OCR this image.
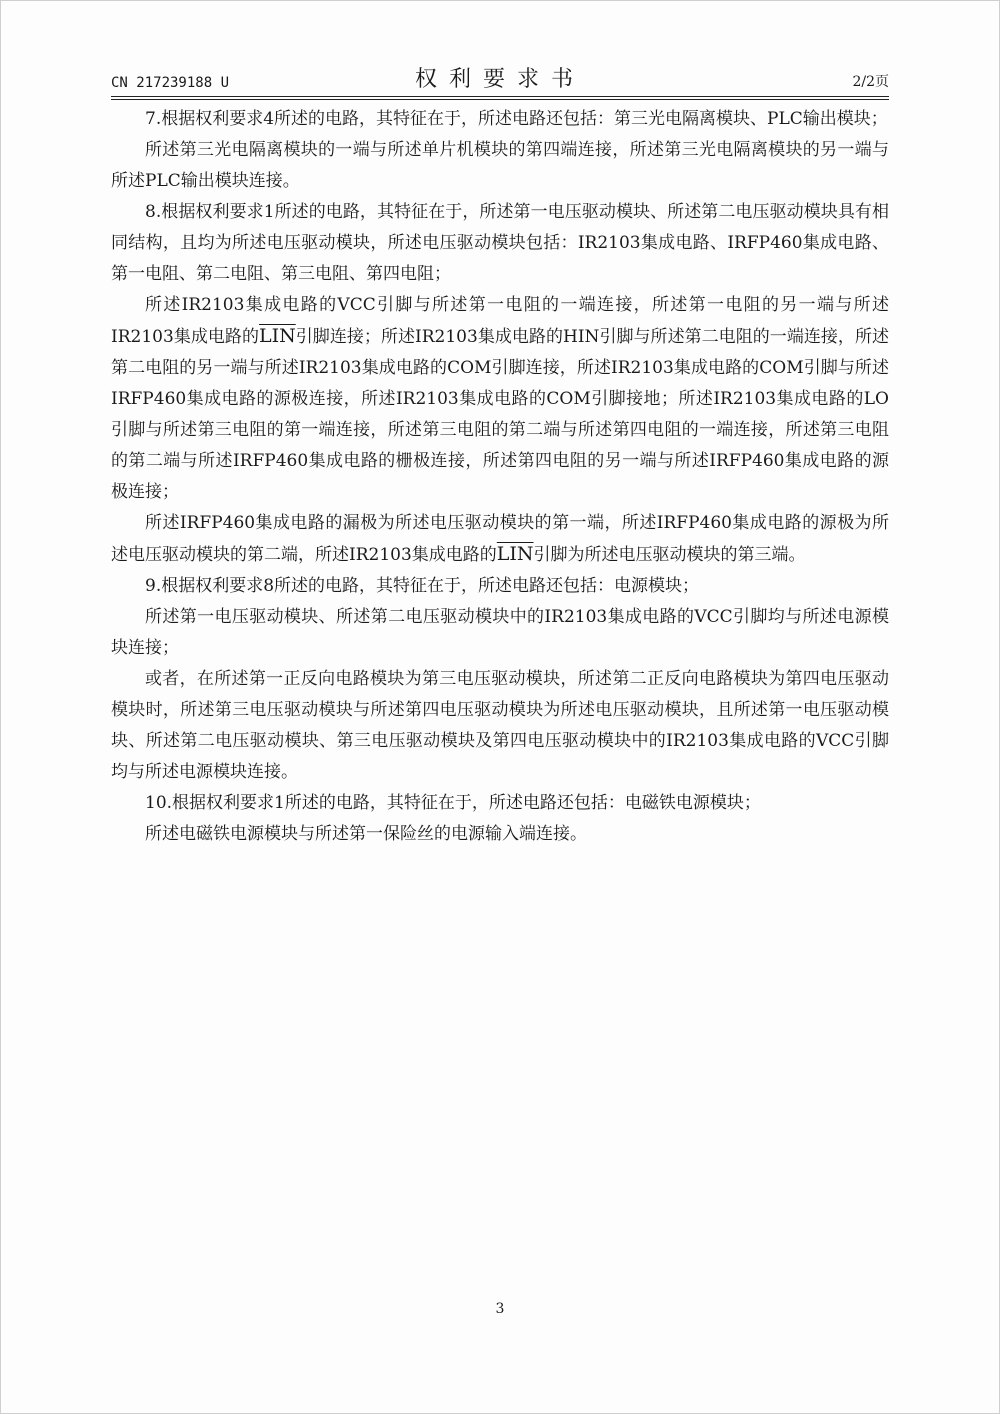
CN 217239188 U	权利要求书	2/2页

7.根据权利要求4所述的电路，其特征在于，所述电路还包括：第三光电隔离模块、PLC输出模块；

所述第三光电隔离模块的一端与所述单片机模块的第四端连接，所述第三光电隔离模块的另一端与所述PLC输出模块连接。

8.根据权利要求1所述的电路，其特征在于，所述第一电压驱动模块、所述第二电压驱动模块具有相同结构，且均为所述电压驱动模块，所述电压驱动模块包括：IR2103集成电路、IRFP460集成电路、第一电阻、第二电阻、第三电阻、第四电阻；

所述IR2103集成电路的VCC引脚与所述第一电阻的一端连接，所述第一电阻的另一端与所述IR2103集成电路的$\overline{LIN}$引脚连接；所述IR2103集成电路的HIN引脚与所述第二电阻的一端连接，所述第二电阻的另一端与所述IR2103集成电路的COM引脚连接，所述IR2103集成电路的COM引脚与所述IRFP460集成电路的源极连接，所述IR2103集成电路的COM引脚接地；所述IR2103集成电路的LO引脚与所述第三电阻的第一端连接，所述第三电阻的第二端与所述第四电阻的一端连接，所述第三电阻的第二端与所述IRFP460集成电路的栅极连接，所述第四电阻的另一端与所述IRFP460集成电路的源极连接；

所述IRFP460集成电路的漏极为所述电压驱动模块的第一端，所述IRFP460集成电路的源极为所述电压驱动模块的第二端，所述IR2103集成电路的$\overline{LIN}$引脚为所述电压驱动模块的第三端。

9.根据权利要求8所述的电路，其特征在于，所述电路还包括：电源模块；

所述第一电压驱动模块、所述第二电压驱动模块中的IR2103集成电路的VCC引脚均与所述电源模块连接；

或者，在所述第一正反向电路模块为第三电压驱动模块，所述第二正反向电路模块为第四电压驱动模块时，所述第三电压驱动模块与所述第四电压驱动模块为所述电压驱动模块，且所述第一电压驱动模块、所述第二电压驱动模块、第三电压驱动模块及第四电压驱动模块中的IR2103集成电路的VCC引脚均与所述电源模块连接。

10.根据权利要求1所述的电路，其特征在于，所述电路还包括：电磁铁电源模块；

所述电磁铁电源模块与所述第一保险丝的电源输入端连接。

3
